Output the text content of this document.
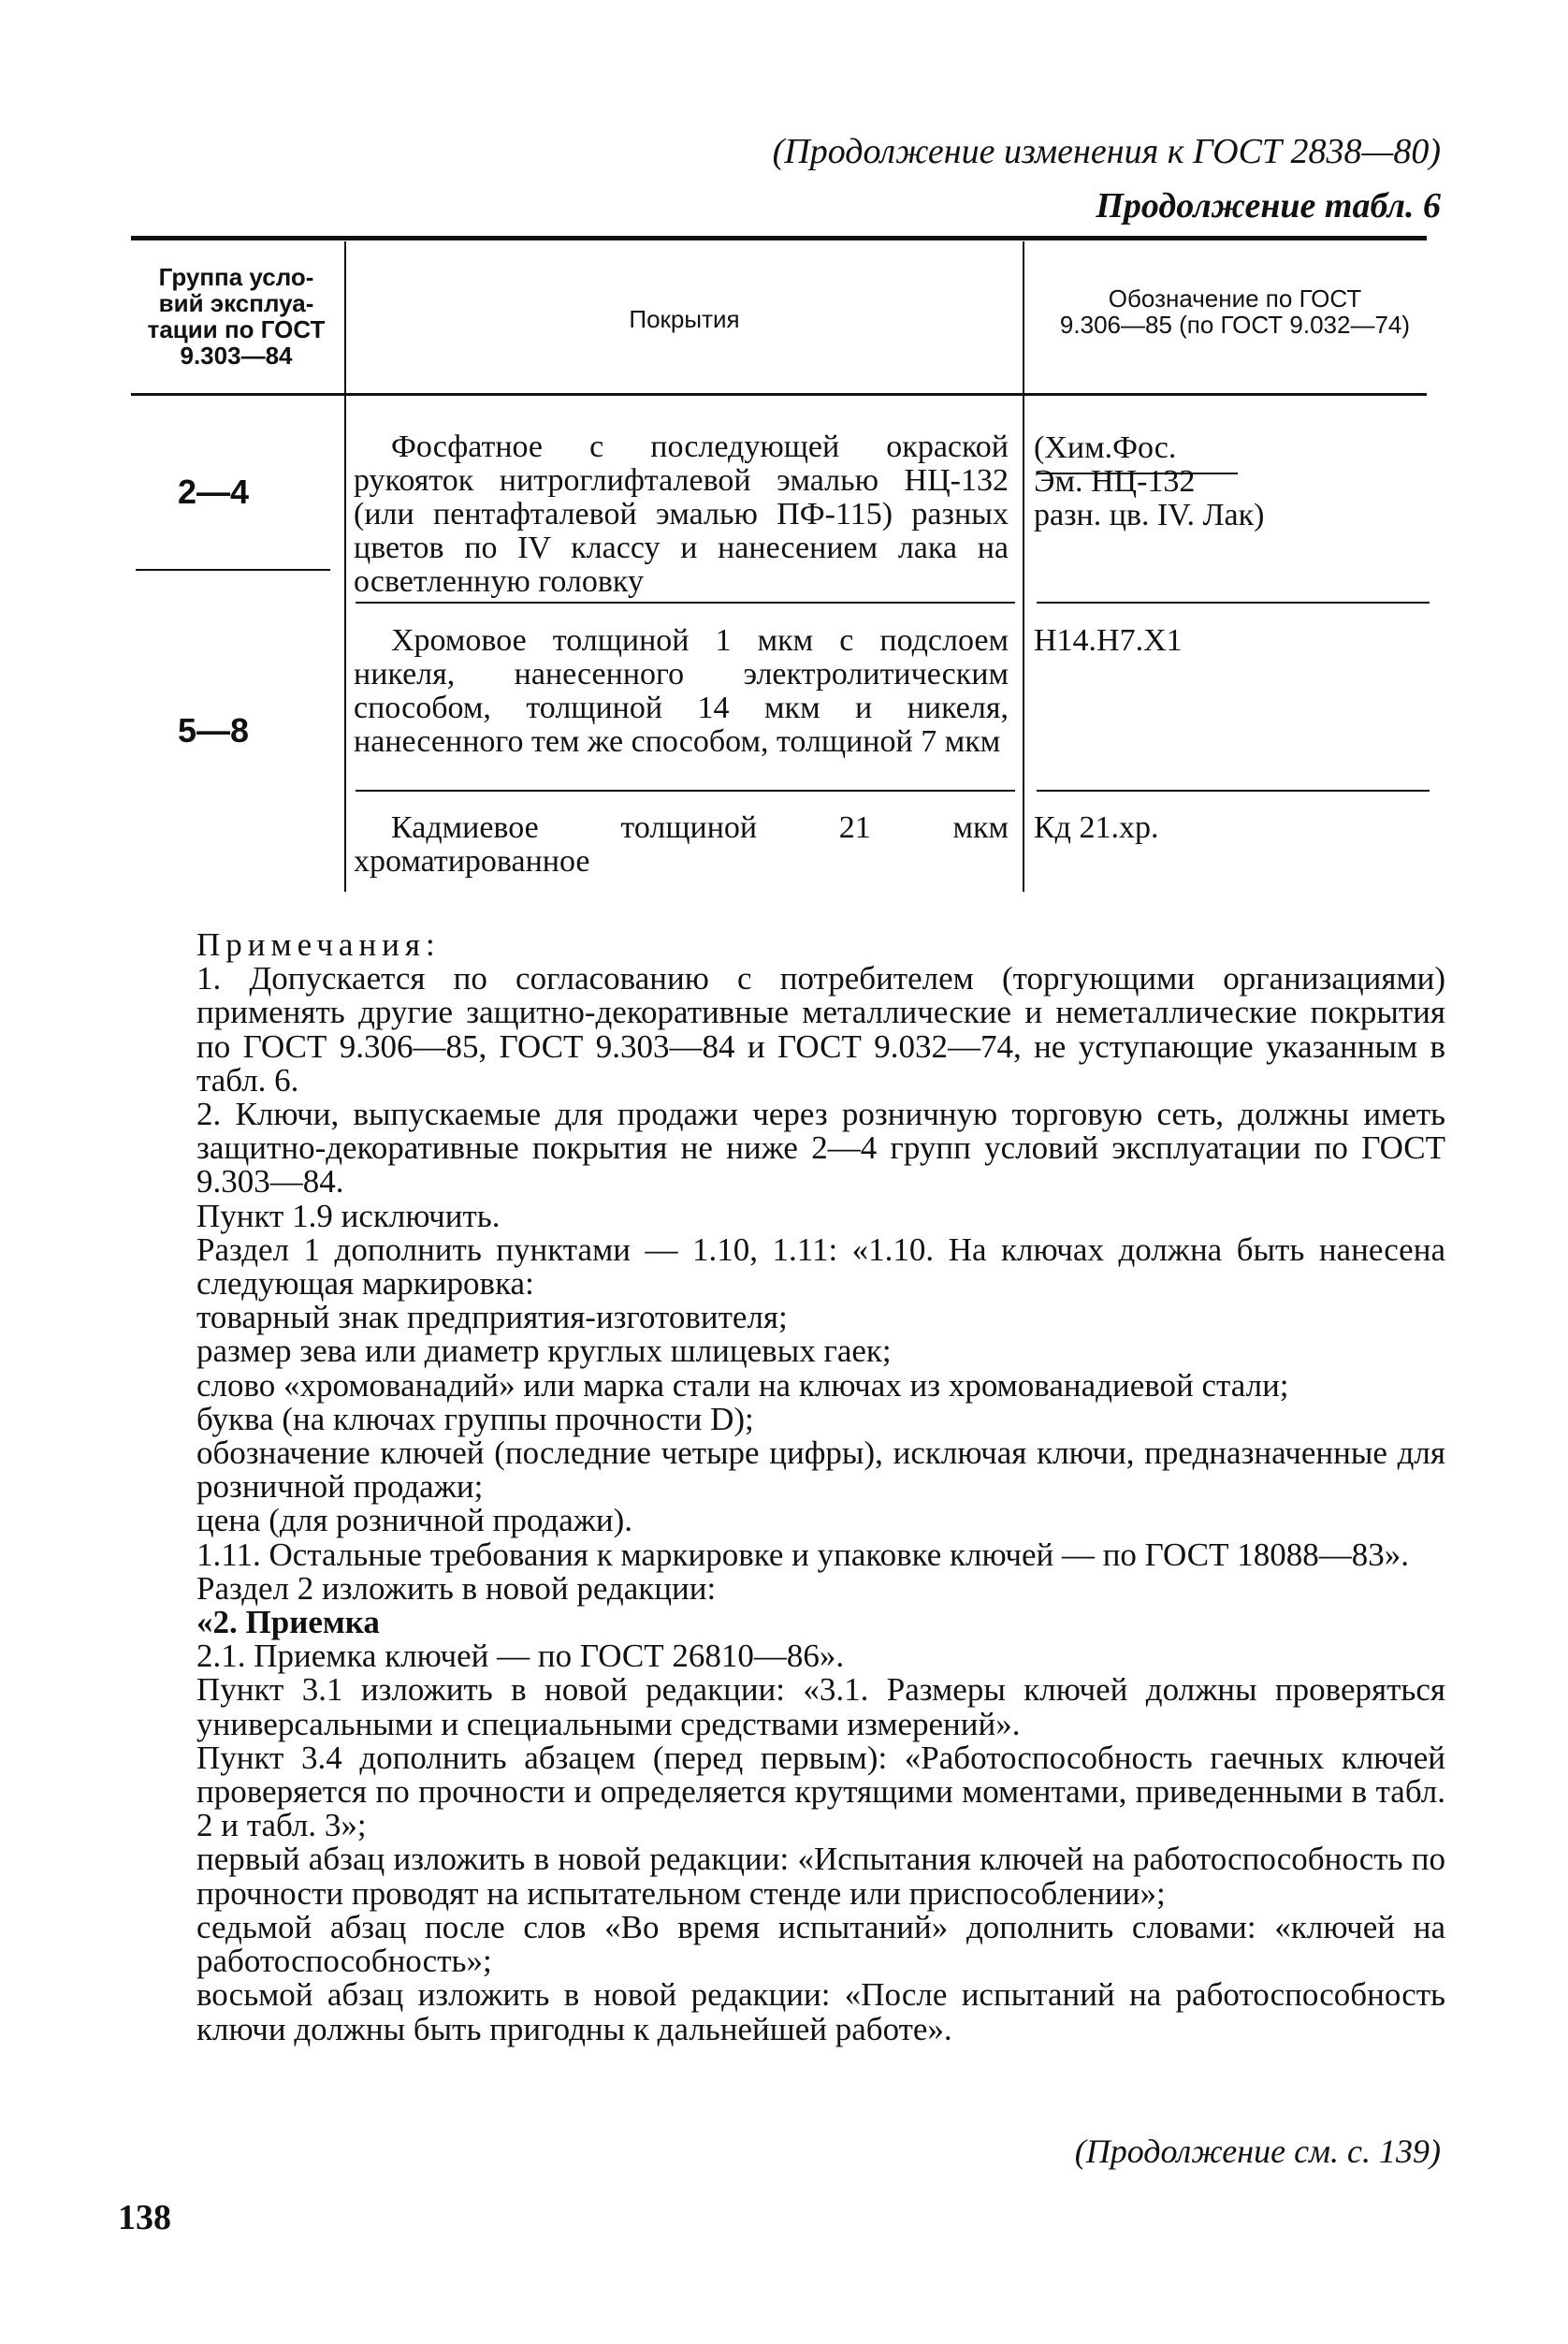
(Продолжение изменения к ГОСТ 2838—80)
Продолжение табл. 6
Группа усло-
вий эксплуа-
тации по ГОСТ
9.303—84
Покрытия
Обозначение по ГОСТ
9.306—85 (по ГОСТ 9.032—74)
2—4
Фосфатное с последующей окраской рукояток нитроглифталевой эмалью НЦ-132 (или пентафталевой эмалью ПФ-115) разных цветов по IV классу и нанесением лака на осветленную головку
(Хим.Фос.
Эм. НЦ-132
разн. цв. IV. Лак)
5—8
Хромовое толщиной 1 мкм с подслоем никеля, нанесенного электролитическим способом, толщиной 14 мкм и никеля, нанесенного тем же способом, толщиной 7 мкм
Н14.Н7.Х1
Кадмиевое толщиной 21 мкм хроматированное
Кд 21.хр.

Примечания:

1. Допускается по согласованию с потребителем (торгующими организациями) применять другие защитно-декоративные металлические и неметаллические покрытия по ГОСТ 9.306—85, ГОСТ 9.303—84 и ГОСТ 9.032—74, не уступающие указанным в табл. 6.

2. Ключи, выпускаемые для продажи через розничную торговую сеть, должны иметь защитно-декоративные покрытия не ниже 2—4 групп условий эксплуатации по ГОСТ 9.303—84.

Пункт 1.9 исключить.

Раздел 1 дополнить пунктами — 1.10, 1.11: «1.10. На ключах должна быть нанесена следующая маркировка:

товарный знак предприятия-изготовителя;

размер зева или диаметр круглых шлицевых гаек;

слово «хромованадий» или марка стали на ключах из хромованадиевой стали;

буква (на ключах группы прочности D);

обозначение ключей (последние четыре цифры), исключая ключи, предназначенные для розничной продажи;

цена (для розничной продажи).

1.11. Остальные требования к маркировке и упаковке ключей — по ГОСТ 18088—83».

Раздел 2 изложить в новой редакции:

«2. Приемка

2.1. Приемка ключей — по ГОСТ 26810—86».

Пункт 3.1 изложить в новой редакции: «3.1. Размеры ключей должны проверяться универсальными и специальными средствами измерений».

Пункт 3.4 дополнить абзацем (перед первым): «Работоспособность гаечных ключей проверяется по прочности и определяется крутящими моментами, приведенными в табл. 2 и табл. 3»;

первый абзац изложить в новой редакции: «Испытания ключей на работоспособность по прочности проводят на испытательном стенде или приспособлении»;

седьмой абзац после слов «Во время испытаний» дополнить словами: «ключей на работоспособность»;

восьмой абзац изложить в новой редакции: «После испытаний на работоспособность ключи должны быть пригодны к дальнейшей работе».

(Продолжение см. с. 139)
138
